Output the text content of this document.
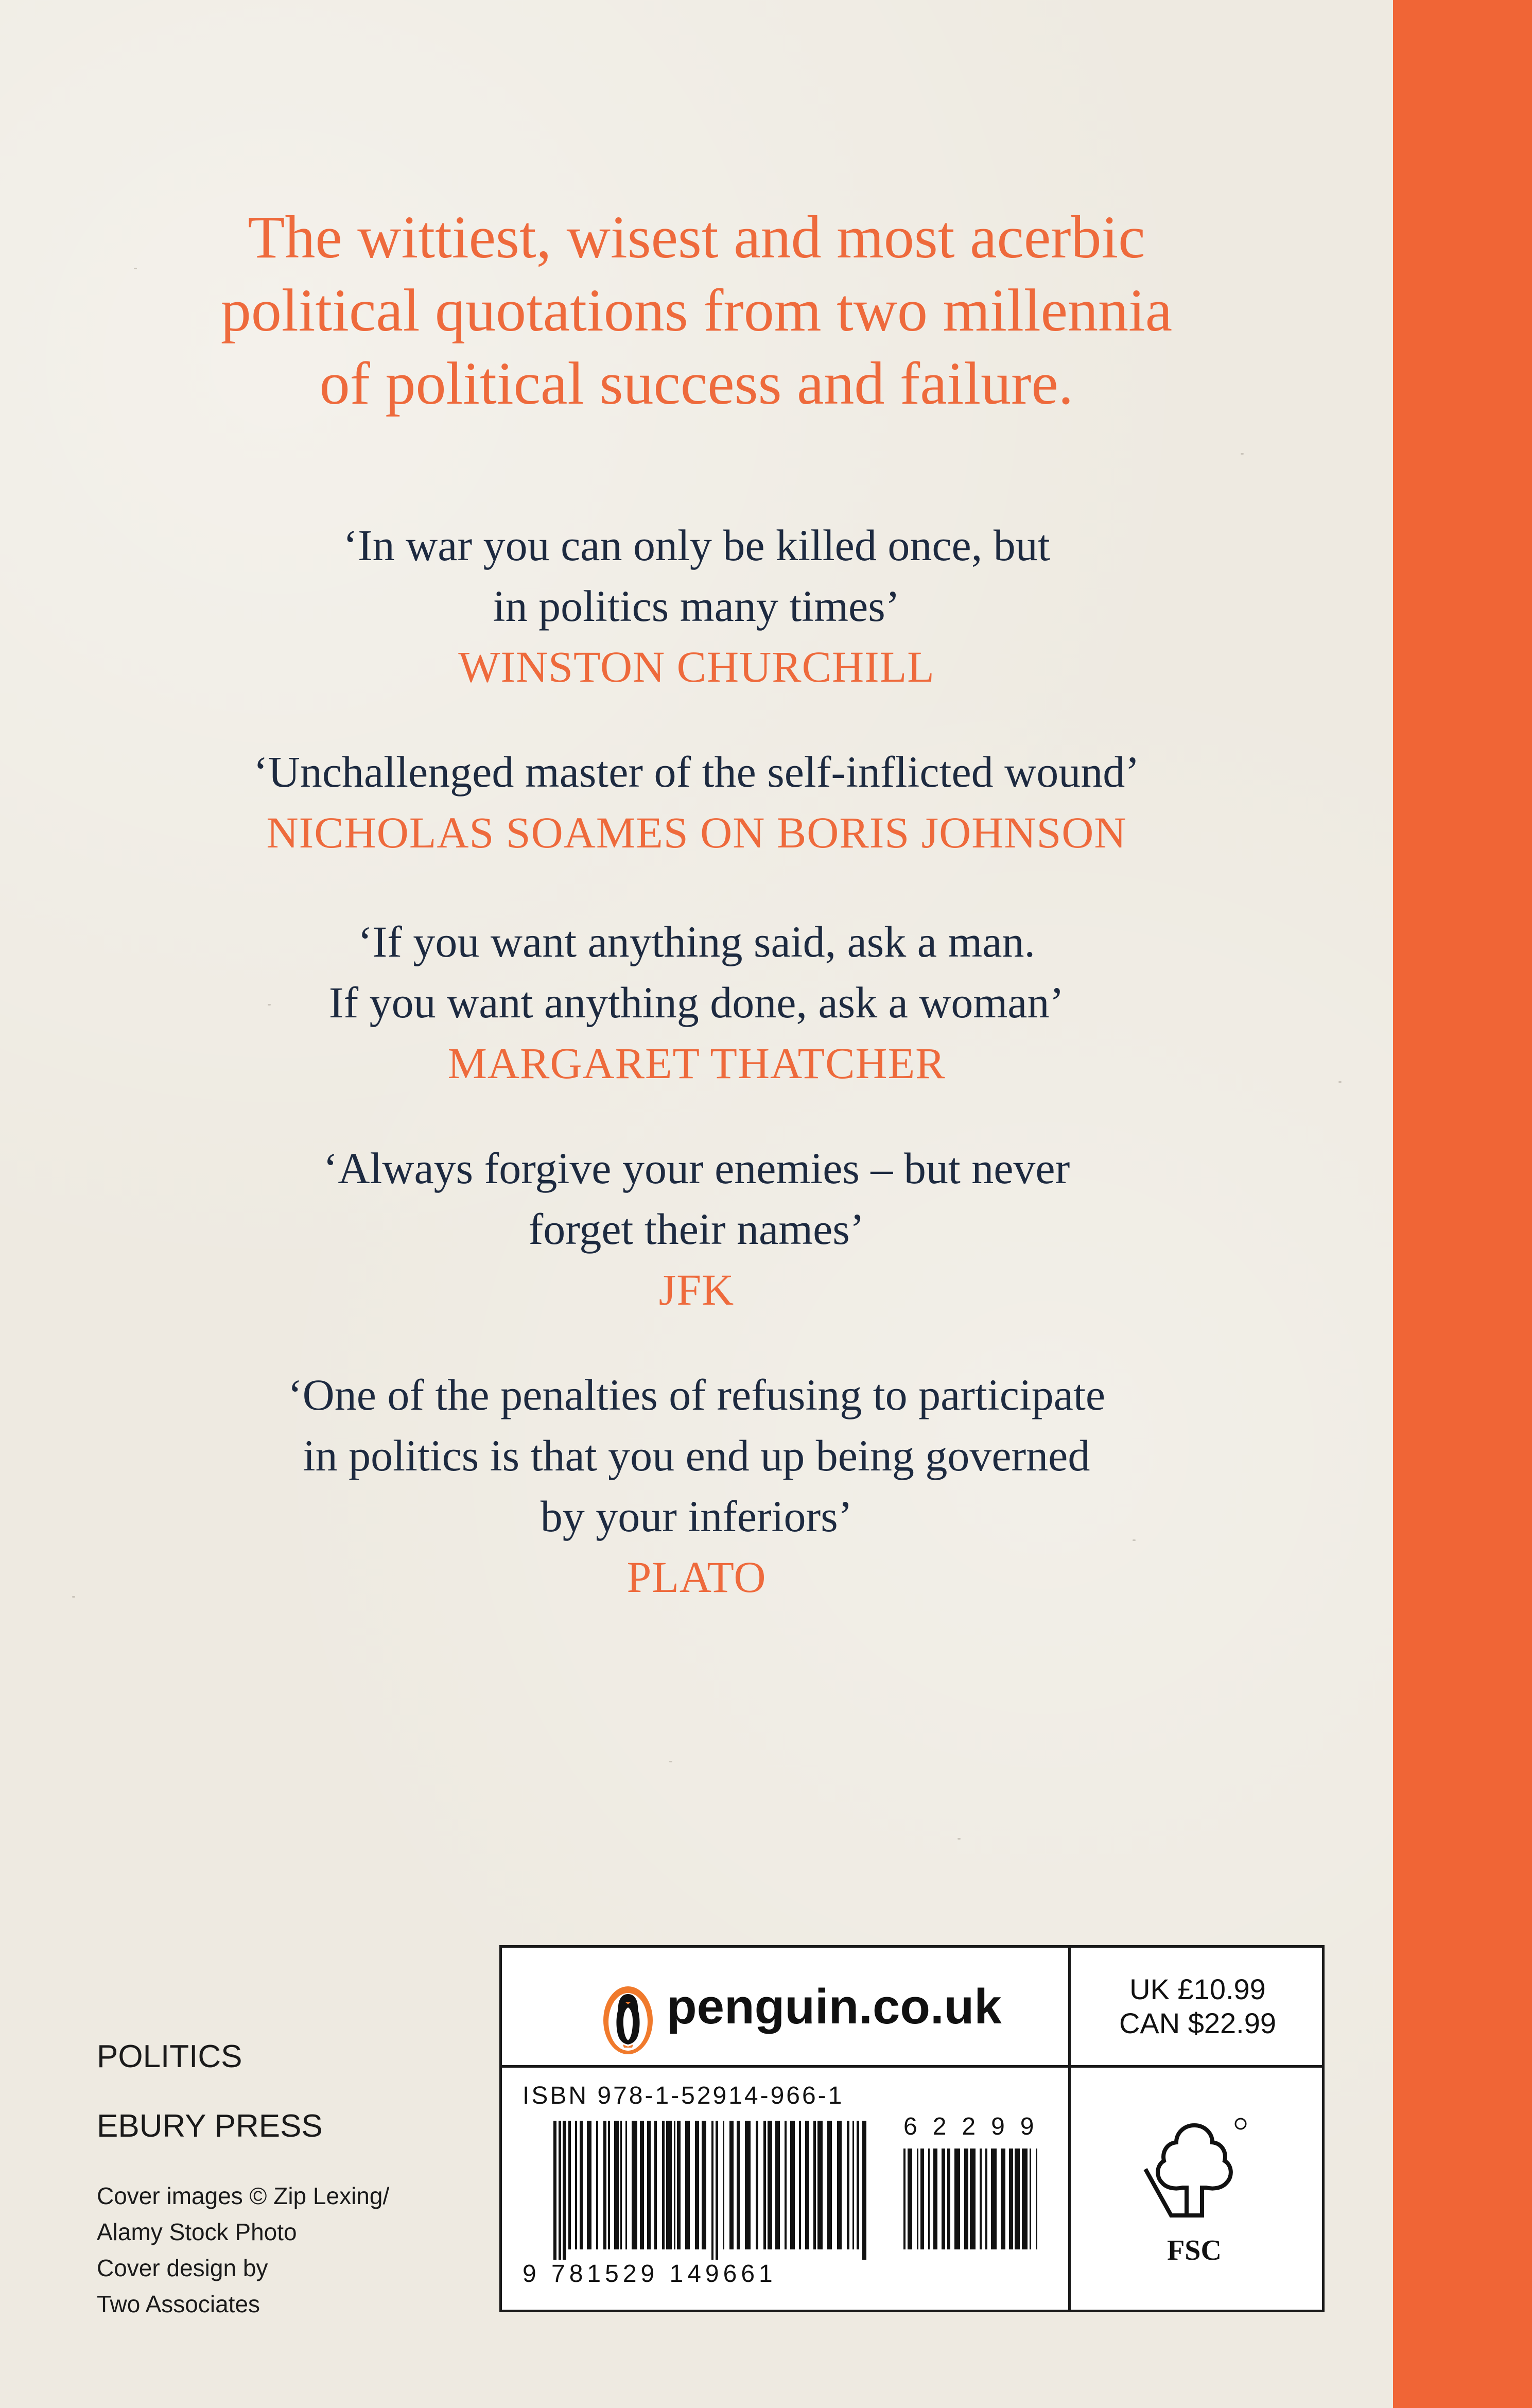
The wittiest, wisest and most acerbic
political quotations from two millennia
of political success and failure.
‘In war you can only be killed once, but
in politics many times’
WINSTON CHURCHILL
‘Unchallenged master of the self-inflicted wound’
NICHOLAS SOAMES ON BORIS JOHNSON
‘If you want anything said, ask a man.
If you want anything done, ask a woman’
MARGARET THATCHER
‘Always forgive your enemies – but never
forget their names’
JFK
‘One of the penalties of refusing to participate
in politics is that you end up being governed
by your inferiors’
PLATO
POLITICS
EBURY PRESS
Cover images © Zip Lexing/
Alamy Stock Photo
Cover design by
Two Associates
penguin.co.uk	UK £10.99
CAN $22.99
ISBN 978-1-52914-966-1
62299
9 781529 149661
FSC
